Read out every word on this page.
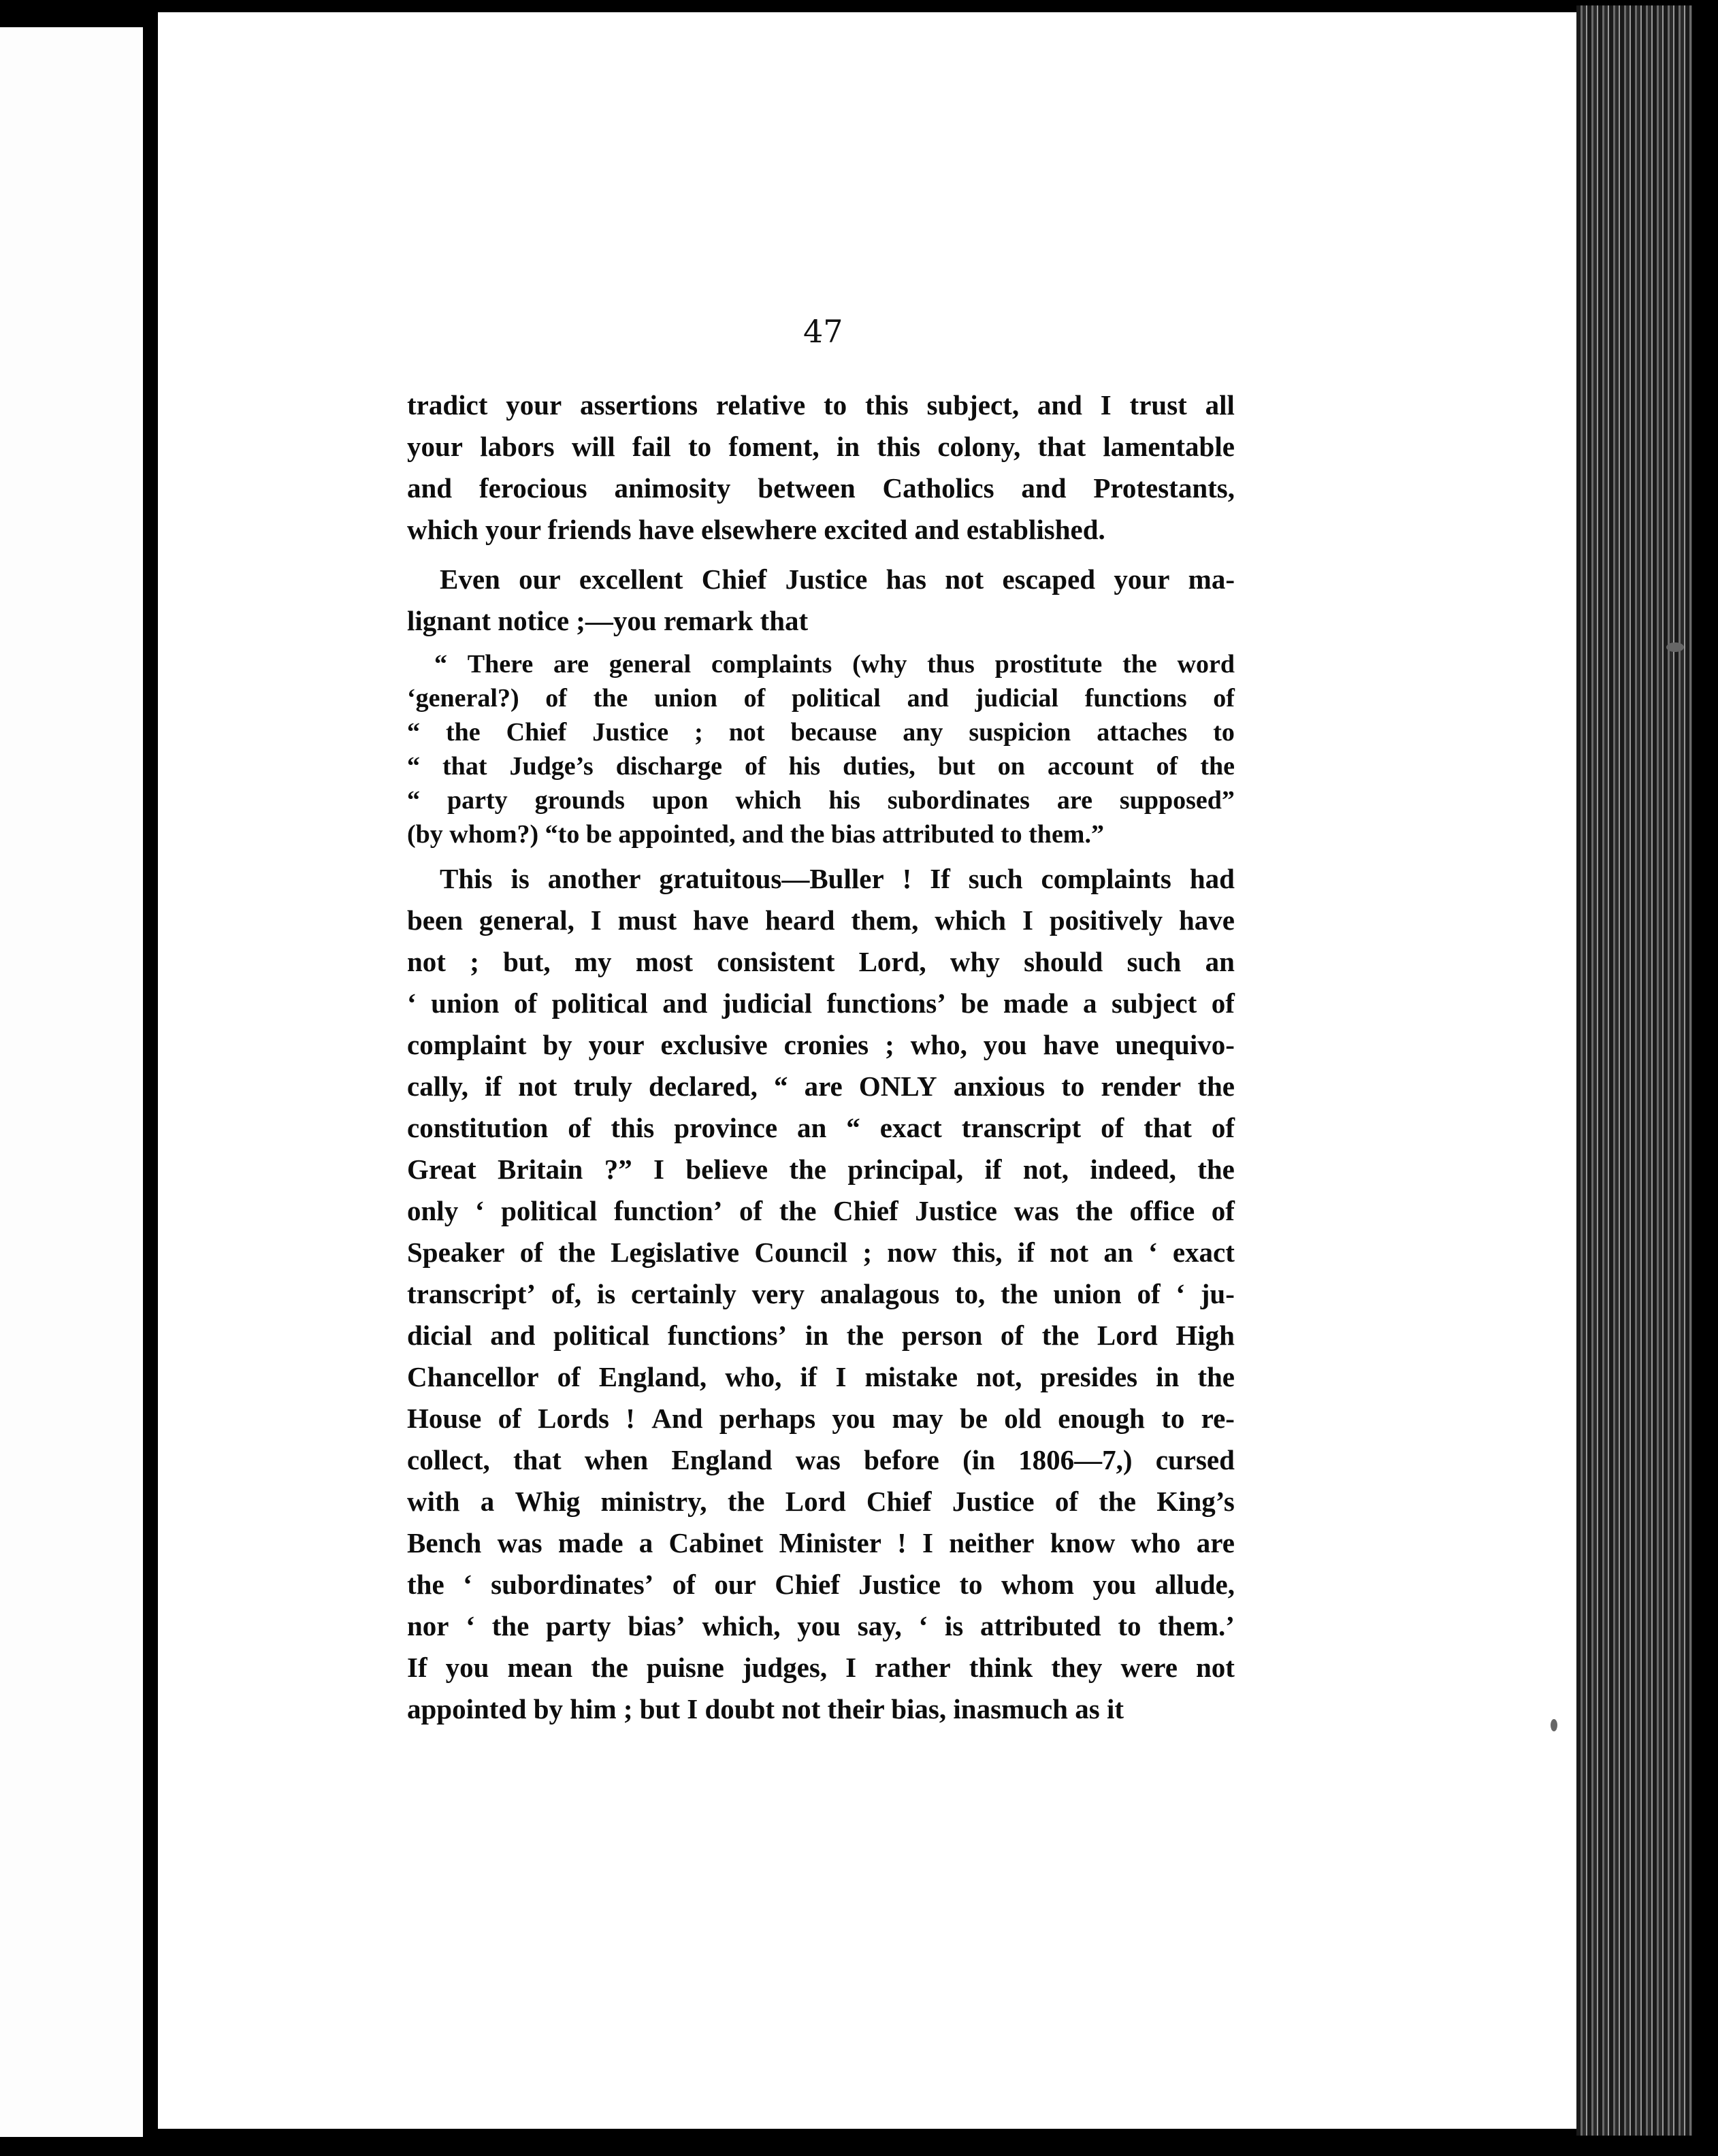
47
tradict your assertions relative to this subject, and I trust all
your labors will fail to foment, in this colony, that lamentable
and ferocious animosity between Catholics and Protestants,
which your friends have elsewhere excited and established.
Even our excellent Chief Justice has not escaped your ma-
lignant notice ;—you remark that
“ There are general complaints (why thus prostitute the word
‘general?) of the union of political and judicial functions of
“ the Chief Justice ; not because any suspicion attaches to
“ that Judge’s discharge of his duties, but on account of the
“ party grounds upon which his subordinates are supposed”
(by whom?) “to be appointed, and the bias attributed to them.”
This is another gratuitous—Buller ! If such complaints had
been general, I must have heard them, which I positively have
not ; but, my most consistent Lord, why should such an
‘ union of political and judicial functions’ be made a subject of
complaint by your exclusive cronies ; who, you have unequivo-
cally, if not truly declared, “ are ONLY anxious to render the
constitution of this province an “ exact transcript of that of
Great Britain ?” I believe the principal, if not, indeed, the
only ‘ political function’ of the Chief Justice was the office of
Speaker of the Legislative Council ; now this, if not an ‘ exact
transcript’ of, is certainly very analagous to, the union of ‘ ju-
dicial and political functions’ in the person of the Lord High
Chancellor of England, who, if I mistake not, presides in the
House of Lords ! And perhaps you may be old enough to re-
collect, that when England was before (in 1806—7,) cursed
with a Whig ministry, the Lord Chief Justice of the King’s
Bench was made a Cabinet Minister ! I neither know who are
the ‘ subordinates’ of our Chief Justice to whom you allude,
nor ‘ the party bias’ which, you say, ‘ is attributed to them.’
If you mean the puisne judges, I rather think they were not
appointed by him ; but I doubt not their bias, inasmuch as it
